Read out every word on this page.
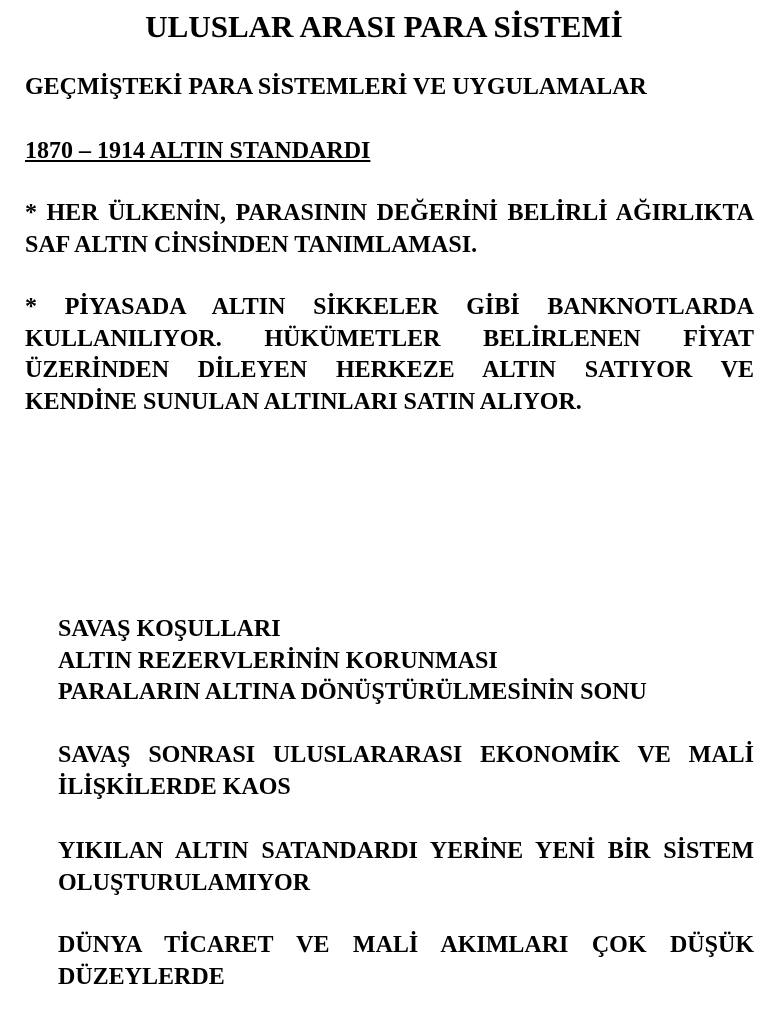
ULUSLAR ARASI PARA SİSTEMİ
GEÇMİŞTEKİ PARA SİSTEMLERİ VE UYGULAMALAR
1870 – 1914 ALTIN STANDARDI

* HER ÜLKENİN, PARASININ DEĞERİNİ BELİRLİ AĞIRLIKTA SAF ALTIN CİNSİNDEN TANIMLAMASI.

* PİYASADA ALTIN SİKKELER GİBİ BANKNOTLARDA KULLANILIYOR. HÜKÜMETLER BELİRLENEN FİYAT ÜZERİNDEN DİLEYEN HERKEZE ALTIN SATIYOR VE KENDİNE SUNULAN ALTINLARI SATIN ALIYOR.

SAVAŞ KOŞULLARI
ALTIN REZERVLERİNİN KORUNMASI
PARALARIN ALTINA DÖNÜŞTÜRÜLMESİNİN SONU

SAVAŞ SONRASI ULUSLARARASI EKONOMİK VE MALİ İLİŞKİLERDE KAOS

YIKILAN ALTIN SATANDARDI YERİNE YENİ BİR SİSTEM OLUŞTURULAMIYOR

DÜNYA TİCARET VE MALİ AKIMLARI ÇOK DÜŞÜK DÜZEYLERDE
